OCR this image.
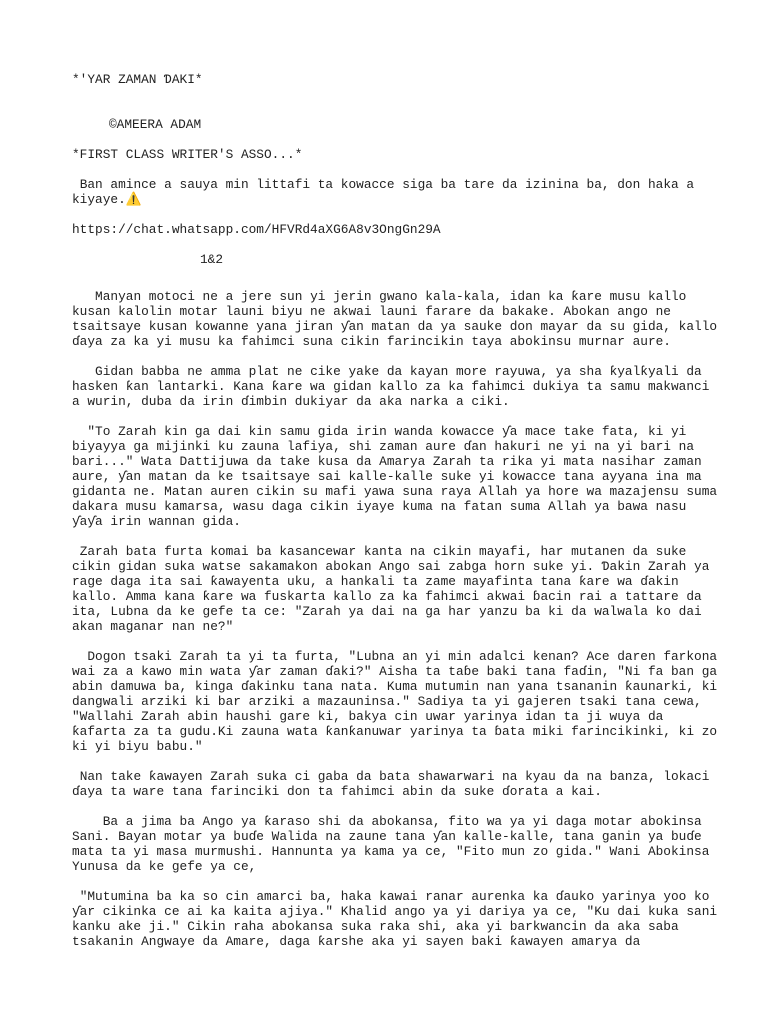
*'YAR ZAMAN ƊAKI*

©AMEERA ADAM

*FIRST CLASS WRITER'S ASSO...*

Ban amince a sauya min littafi ta kowacce siga ba tare da izinina ba, don haka a kiyaye.⚠️

https://chat.whatsapp.com/HFVRd4aXG6A8v3OngGn29A

1&2

Manyan motoci ne a jere sun yi jerin gwano kala-kala, idan ka ƙare musu kallo kusan kalolin motar launi biyu ne akwai launi farare da bakake. Abokan ango ne tsaitsaye kusan kowanne yana jiran ƴan matan da ya sauke don mayar da su gida, kallo ɗaya za ka yi musu ka fahimci suna cikin farincikin taya abokinsu murnar aure.

Gidan babba ne amma plat ne cike yake da kayan more rayuwa, ya sha ƙyalƙyali da hasken ƙan lantarki. Kana ƙare wa gidan kallo za ka fahimci dukiya ta samu makwanci a wurin, duba da irin ɗimbin dukiyar da aka narka a ciki.

"To Zarah kin ga dai kin samu gida irin wanda kowacce ƴa mace take fata, ki yi biyayya ga mijinki ku zauna lafiya, shi zaman aure ɗan hakuri ne yi na yi bari na bari..." Wata Dattijuwa da take kusa da Amarya Zarah ta rika yi mata nasihar zaman aure, ƴan matan da ke tsaitsaye sai kalle-kalle suke yi kowacce tana ayyana ina ma gidanta ne. Matan auren cikin su mafi yawa suna raya Allah ya hore wa mazajensu suma dakara musu kamarsa, wasu daga cikin iyaye kuma na fatan suma Allah ya bawa nasu ƴaƴa irin wannan gida.

Zarah bata furta komai ba kasancewar kanta na cikin mayafi, har mutanen da suke cikin gidan suka watse sakamakon abokan Ango sai zabga horn suke yi. Ɗakin Zarah ya rage daga ita sai ƙawayenta uku, a hankali ta zame mayafinta tana ƙare wa ɗakin kallo. Amma kana ƙare wa fuskarta kallo za ka fahimci akwai ɓacin rai a tattare da ita, Lubna da ke gefe ta ce: "Zarah ya dai na ga har yanzu ba ki da walwala ko dai akan maganar nan ne?"

Dogon tsaki Zarah ta yi ta furta, "Lubna an yi min adalci kenan? Ace daren farkona wai za a kawo min wata ƴar zaman ɗaki?" Aisha ta taɓe baki tana faɗin, "Ni fa ban ga abin damuwa ba, kinga ɗakinku tana nata. Kuma mutumin nan yana tsananin ƙaunarki, ki dangwali arziki ki bar arziki a mazauninsa." Sadiya ta yi gajeren tsaki tana cewa, "Wallahi Zarah abin haushi gare ki, bakya cin uwar yarinya idan ta ji wuya da ƙafarta za ta gudu.Ki zauna wata ƙanƙanuwar yarinya ta ɓata miki farincikinki, ki zo ki yi biyu babu."

Nan take ƙawayen Zarah suka ci gaba da bata shawarwari na kyau da na banza, lokaci ɗaya ta ware tana farinciki don ta fahimci abin da suke ɗorata a kai.

Ba a jima ba Ango ya ƙaraso shi da abokansa, fito wa ya yi daga motar abokinsa Sani. Bayan motar ya buɗe Walida na zaune tana ƴan kalle-kalle, tana ganin ya buɗe mata ta yi masa murmushi. Hannunta ya kama ya ce, "Fito mun zo gida." Wani Abokinsa Yunusa da ke gefe ya ce,

"Mutumina ba ka so cin amarci ba, haka kawai ranar aurenka ka ɗauko yarinya yoo ko ƴar cikinka ce ai ka kaita ajiya." Khalid ango ya yi dariya ya ce, "Ku dai kuka sani kanku ake ji." Cikin raha abokansa suka raka shi, aka yi barkwancin da aka saba tsakanin Angwaye da Amare, daga ƙarshe aka yi sayen baki ƙawayen amarya da
